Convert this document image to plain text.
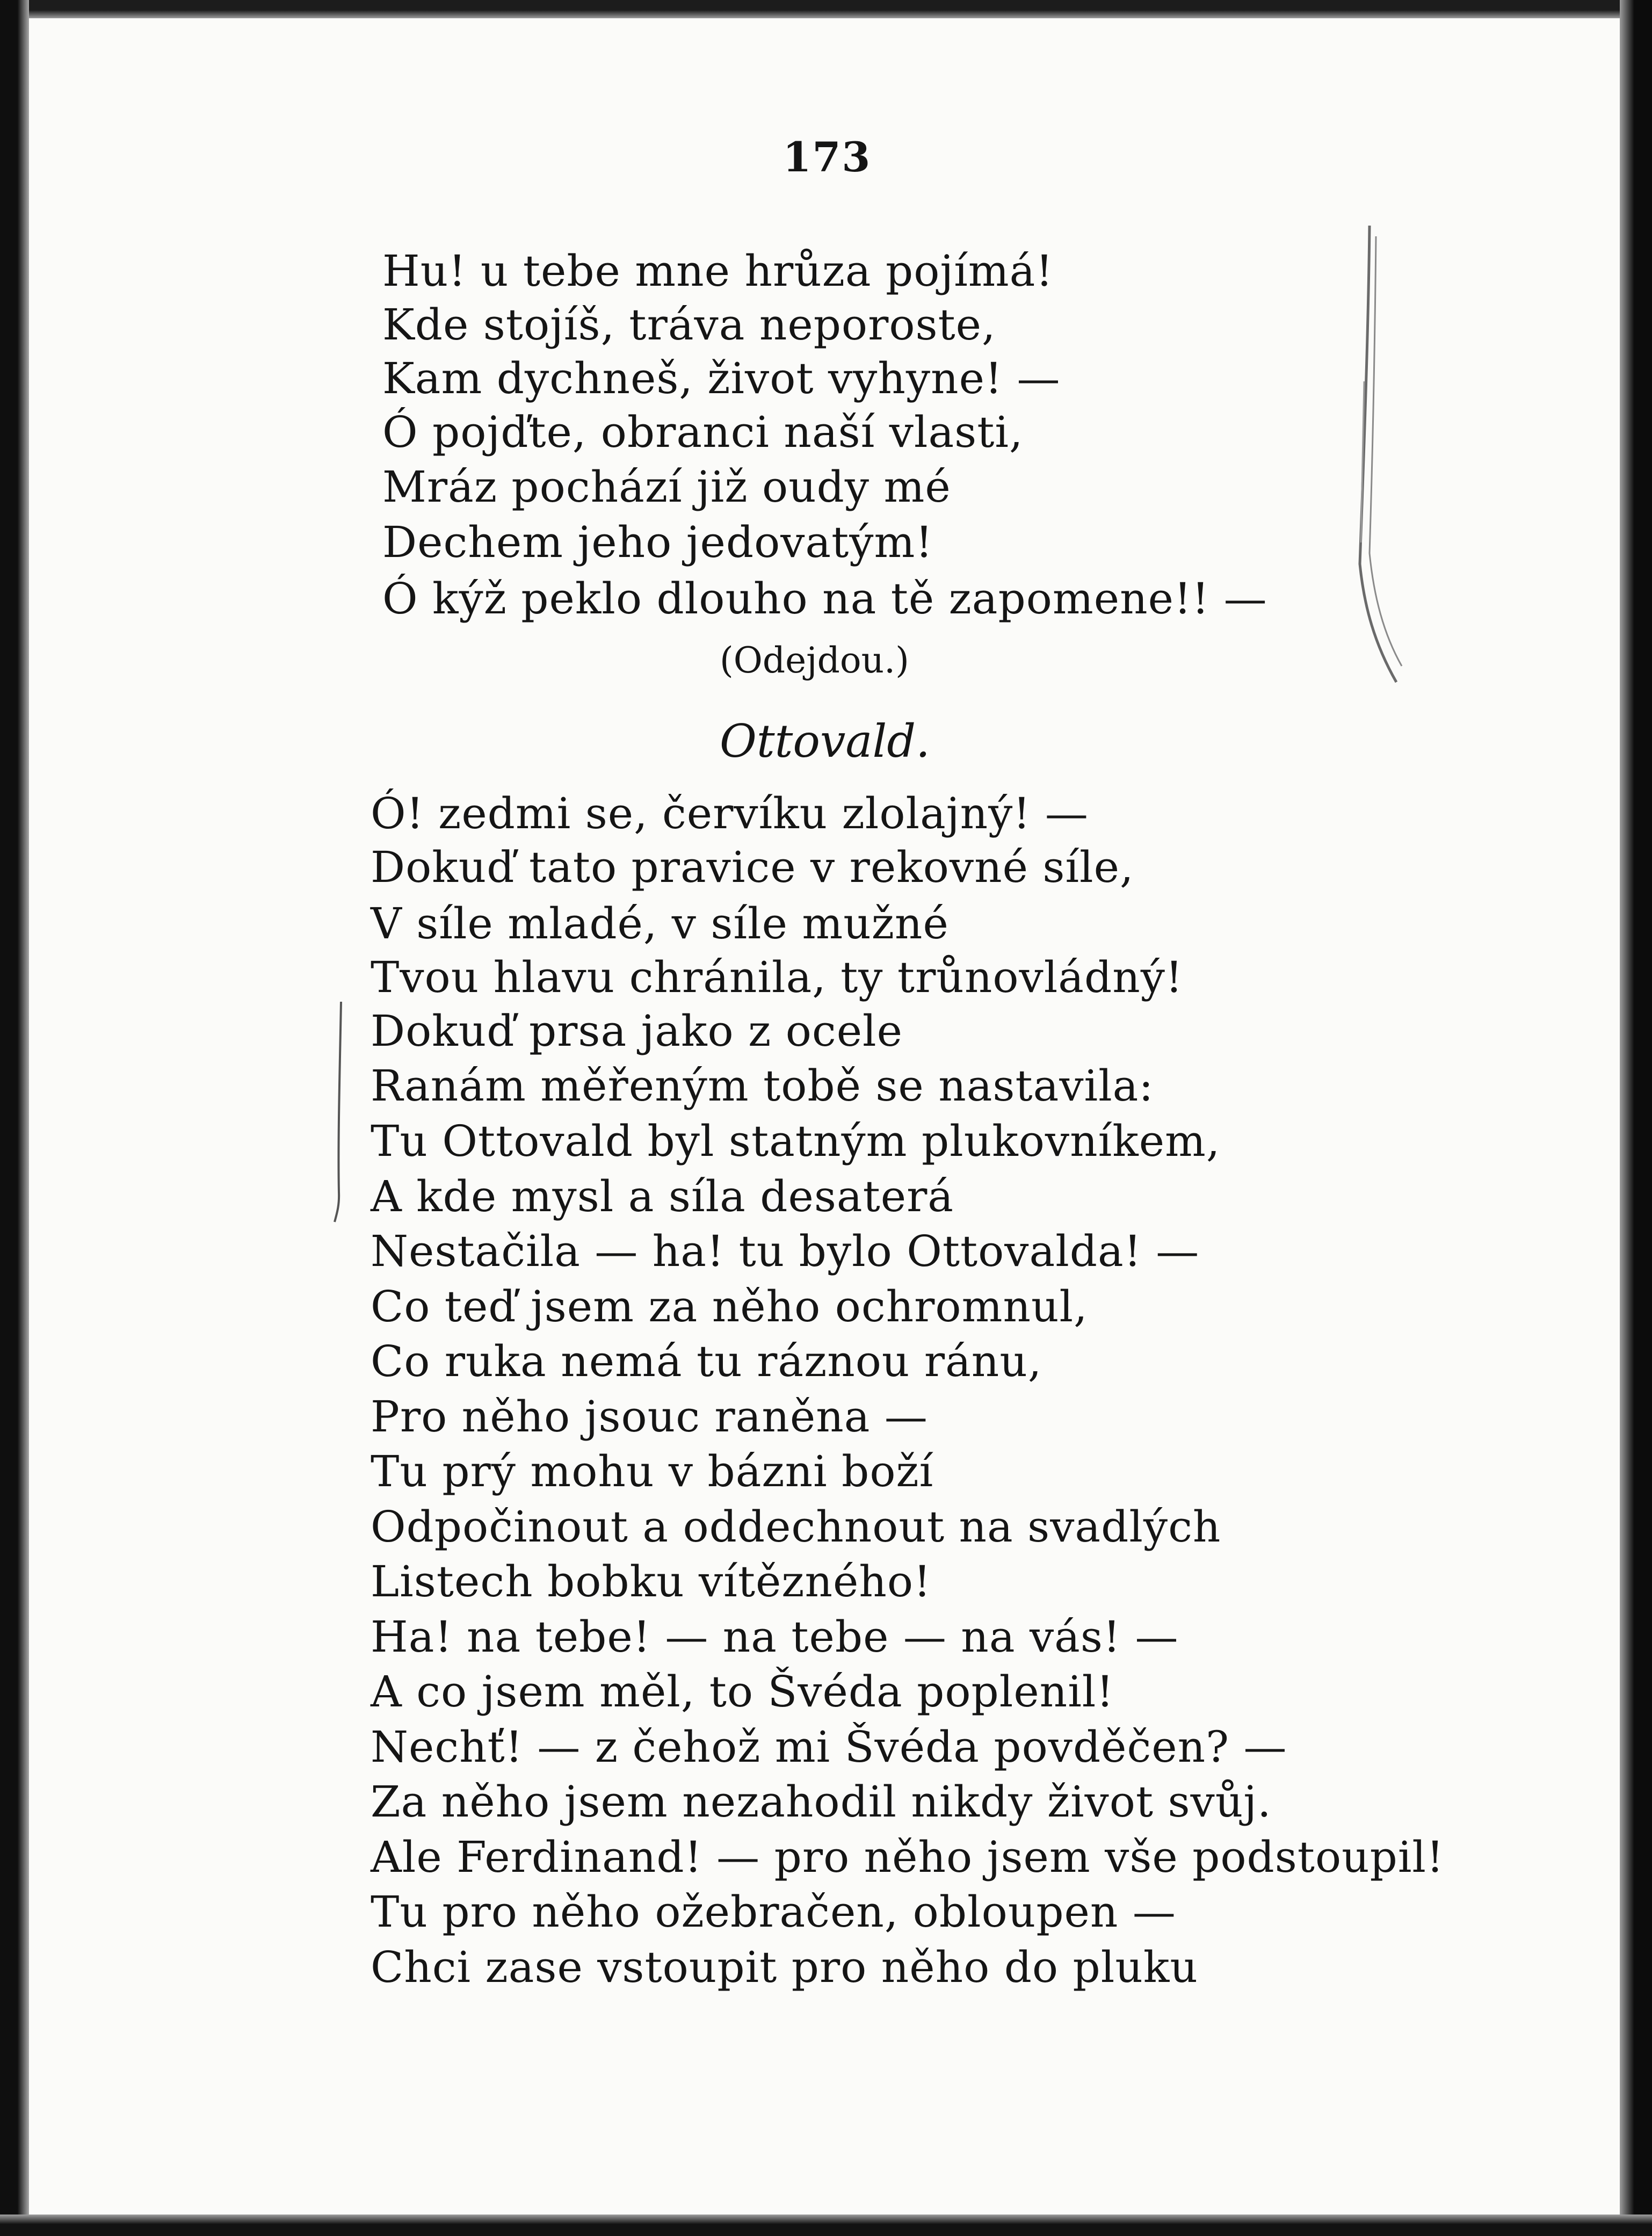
173
Hu! u tebe mne hrůza pojímá!
Kde stojíš, tráva neporoste,
Kam dychneš, život vyhyne! —
Ó pojďte, obranci naší vlasti,
Mráz pochází již oudy mé
Dechem jeho jedovatým!
Ó kýž peklo dlouho na tě zapomene!! —
(Odejdou.)
Ottovald.
Ó! zedmi se, červíku zlolajný! —
Dokuď tato pravice v rekovné síle,
V síle mladé, v síle mužné
Tvou hlavu chránila, ty trůnovládný!
Dokuď prsa jako z ocele
Ranám měřeným tobě se nastavila:
Tu Ottovald byl statným plukovníkem,
A kde mysl a síla desaterá
Nestačila — ha! tu bylo Ottovalda! —
Co teď jsem za něho ochromnul,
Co ruka nemá tu ráznou ránu,
Pro něho jsouc raněna —
Tu prý mohu v bázni boží
Odpočinout a oddechnout na svadlých
Listech bobku vítězného!
Ha! na tebe! — na tebe — na vás! —
A co jsem měl, to Švéda poplenil!
Nechť! — z čehož mi Švéda povděčen? —
Za něho jsem nezahodil nikdy život svůj.
Ale Ferdinand! — pro něho jsem vše podstoupil!
Tu pro něho ožebračen, obloupen —
Chci zase vstoupit pro něho do pluku
